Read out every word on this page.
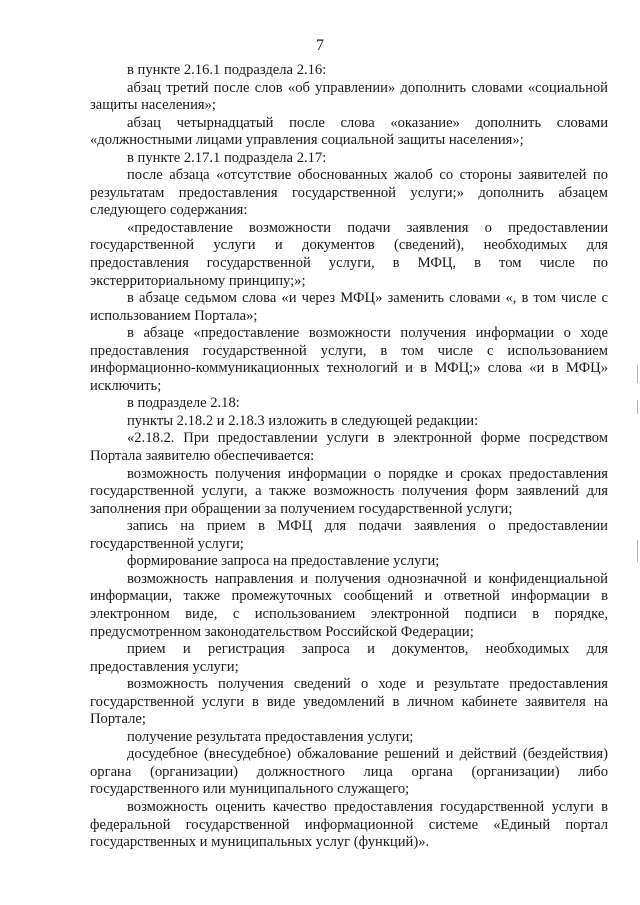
7

в пункте 2.16.1 подраздела 2.16:

абзац третий после слов «об управлении» дополнить словами «социальной защиты населения»;

абзац четырнадцатый после слова «оказание» дополнить словами «должностными лицами управления социальной защиты населения»;

в пункте 2.17.1 подраздела 2.17:

после абзаца «отсутствие обоснованных жалоб со стороны заявителей по результатам предоставления государственной услуги;» дополнить абзацем следующего содержания:

«предоставление возможности подачи заявления о предоставлении государственной услуги и документов (сведений), необходимых для предоставления государственной услуги, в МФЦ, в том числе по экстерриториальному принципу;»;

в абзаце седьмом слова «и через МФЦ» заменить словами «, в том числе с использованием Портала»;

в абзаце «предоставление возможности получения информации о ходе предоставления государственной услуги, в том числе с использованием информационно-коммуникационных технологий и в МФЦ;» слова «и в МФЦ» исключить;

в подразделе 2.18:

пункты 2.18.2 и 2.18.3 изложить в следующей редакции:

«2.18.2. При предоставлении услуги в электронной форме посредством Портала заявителю обеспечивается:

возможность получения информации о порядке и сроках предоставления государственной услуги, а также возможность получения форм заявлений для заполнения при обращении за получением государственной услуги;

запись на прием в МФЦ для подачи заявления о предоставлении государственной услуги;

формирование запроса на предоставление услуги;

возможность направления и получения однозначной и конфиденциальной информации, также промежуточных сообщений и ответной информации в электронном виде, с использованием электронной подписи в порядке, предусмотренном законодательством Российской Федерации;

прием и регистрация запроса и документов, необходимых для предоставления услуги;

возможность получения сведений о ходе и результате предоставления государственной услуги в виде уведомлений в личном кабинете заявителя на Портале;

получение результата предоставления услуги;

досудебное (внесудебное) обжалование решений и действий (бездействия) органа (организации) должностного лица органа (организации) либо государственного или муниципального служащего;

возможность оценить качество предоставления государственной услуги в федеральной государственной информационной системе «Единый портал государственных и муниципальных услуг (функций)».
